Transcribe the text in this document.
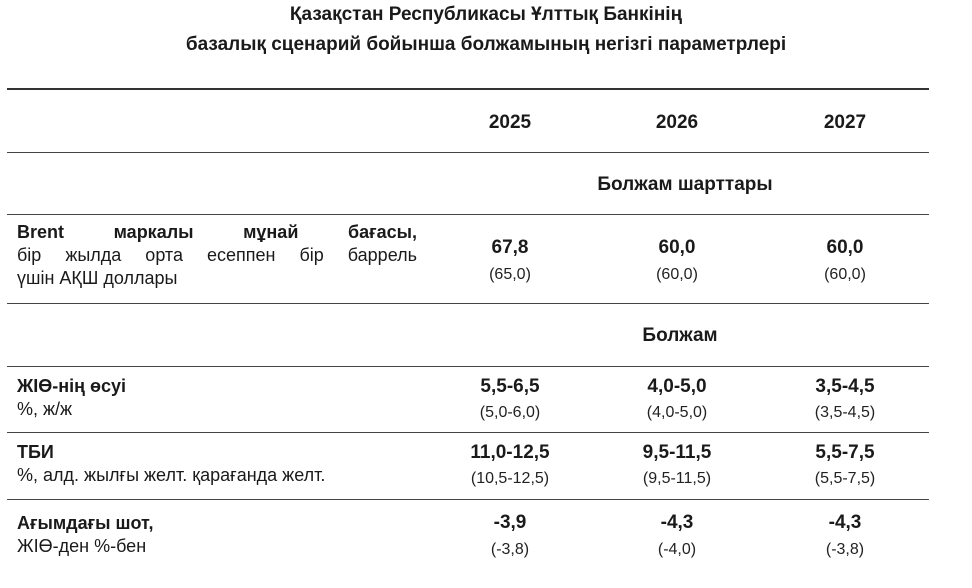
Қазақстан Республикасы Ұлттық Банкінің
базалық сценарий бойынша болжамының негізгі параметрлері
2025	2026	2027
Болжам шарттары
Brent маркалы мұнай бағасы,
бір жылда орта есеппен бір баррель
үшін АҚШ доллары
67,8	60,0	60,0
(65,0)	(60,0)	(60,0)
Болжам
ЖІӨ-нің өсуі
%, ж/ж
5,5-6,5	4,0-5,0	3,5-4,5
(5,0-6,0)	(4,0-5,0)	(3,5-4,5)
ТБИ
%, алд. жылғы желт. қарағанда желт.
11,0-12,5	9,5-11,5	5,5-7,5
(10,5-12,5)	(9,5-11,5)	(5,5-7,5)
Ағымдағы шот,
ЖІӨ-ден %-бен
-3,9	-4,3	-4,3
(-3,8)	(-4,0)	(-3,8)
